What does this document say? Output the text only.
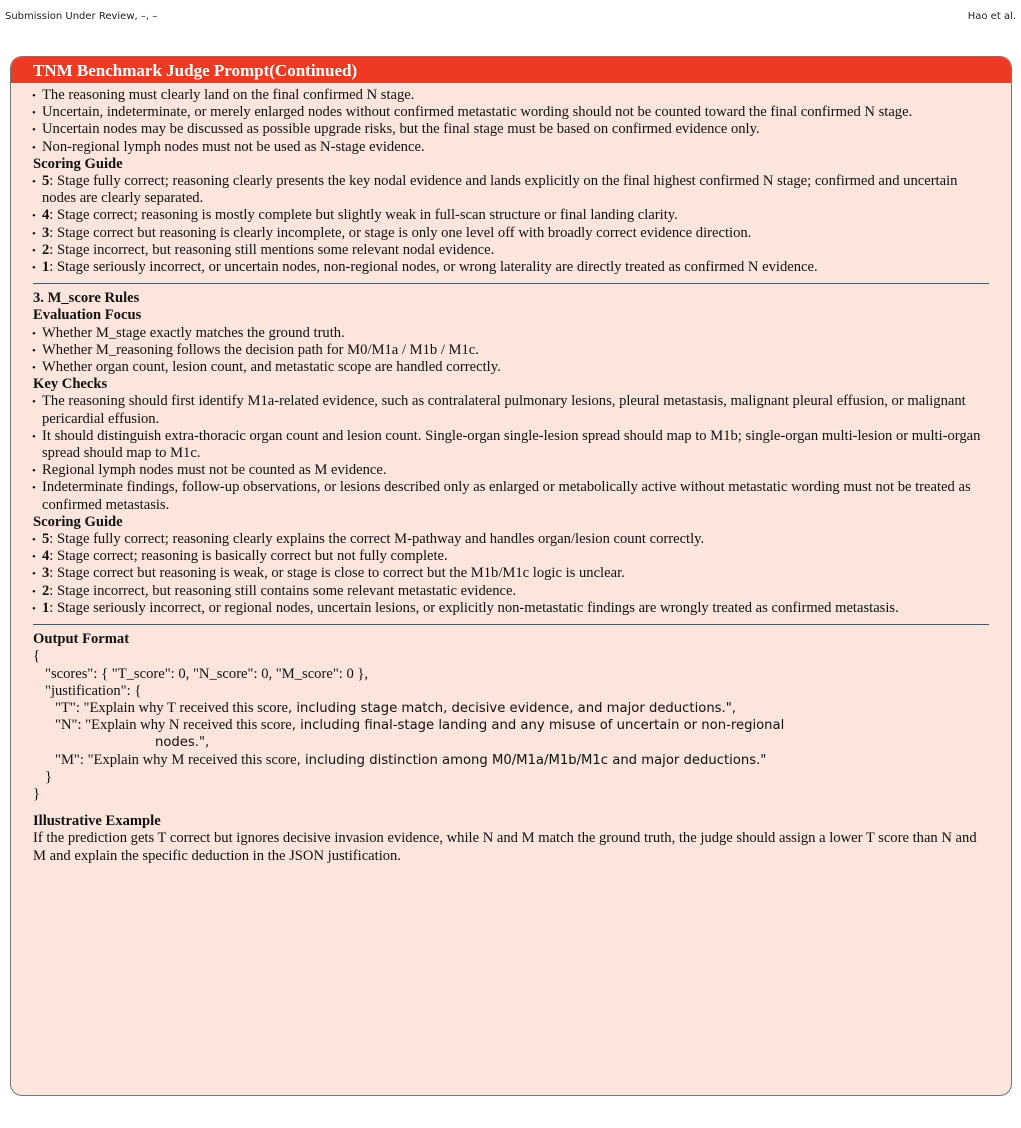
Submission Under Review, –, –	Hao et al.
TNM Benchmark Judge Prompt(Continued)
• The reasoning must clearly land on the final confirmed N stage.
• Uncertain, indeterminate, or merely enlarged nodes without confirmed metastatic wording should not be counted toward the final confirmed N stage.
• Uncertain nodes may be discussed as possible upgrade risks, but the final stage must be based on confirmed evidence only.
• Non-regional lymph nodes must not be used as N-stage evidence.
Scoring Guide
• 5: Stage fully correct; reasoning clearly presents the key nodal evidence and lands explicitly on the final highest confirmed N stage; confirmed and uncertain nodes are clearly separated.
• 4: Stage correct; reasoning is mostly complete but slightly weak in full-scan structure or final landing clarity.
• 3: Stage correct but reasoning is clearly incomplete, or stage is only one level off with broadly correct evidence direction.
• 2: Stage incorrect, but reasoning still mentions some relevant nodal evidence.
• 1: Stage seriously incorrect, or uncertain nodes, non-regional nodes, or wrong laterality are directly treated as confirmed N evidence.
3. M_score Rules
Evaluation Focus
• Whether M_stage exactly matches the ground truth.
• Whether M_reasoning follows the decision path for M0/M1a / M1b / M1c.
• Whether organ count, lesion count, and metastatic scope are handled correctly.
Key Checks
• The reasoning should first identify M1a-related evidence, such as contralateral pulmonary lesions, pleural metastasis, malignant pleural effusion, or malignant pericardial effusion.
• It should distinguish extra-thoracic organ count and lesion count. Single-organ single-lesion spread should map to M1b; single-organ multi-lesion or multi-organ spread should map to M1c.
• Regional lymph nodes must not be counted as M evidence.
• Indeterminate findings, follow-up observations, or lesions described only as enlarged or metabolically active without metastatic wording must not be treated as confirmed metastasis.
Scoring Guide
• 5: Stage fully correct; reasoning clearly explains the correct M-pathway and handles organ/lesion count correctly.
• 4: Stage correct; reasoning is basically correct but not fully complete.
• 3: Stage correct but reasoning is weak, or stage is close to correct but the M1b/M1c logic is unclear.
• 2: Stage incorrect, but reasoning still contains some relevant metastatic evidence.
• 1: Stage seriously incorrect, or regional nodes, uncertain lesions, or explicitly non-metastatic findings are wrongly treated as confirmed metastasis.
Output Format
{
"scores": { "T_score": 0, "N_score": 0, "M_score": 0 },
"justification": {
"T": "Explain why T received this score, including stage match, decisive evidence, and major deductions.",
"N": "Explain why N received this score, including final-stage landing and any misuse of uncertain or non-regional
nodes.",
"M": "Explain why M received this score, including distinction among M0/M1a/M1b/M1c and major deductions."
}
}
Illustrative Example
If the prediction gets T correct but ignores decisive invasion evidence, while N and M match the ground truth, the judge should assign a lower T score than N and M and explain the specific deduction in the JSON justification.
